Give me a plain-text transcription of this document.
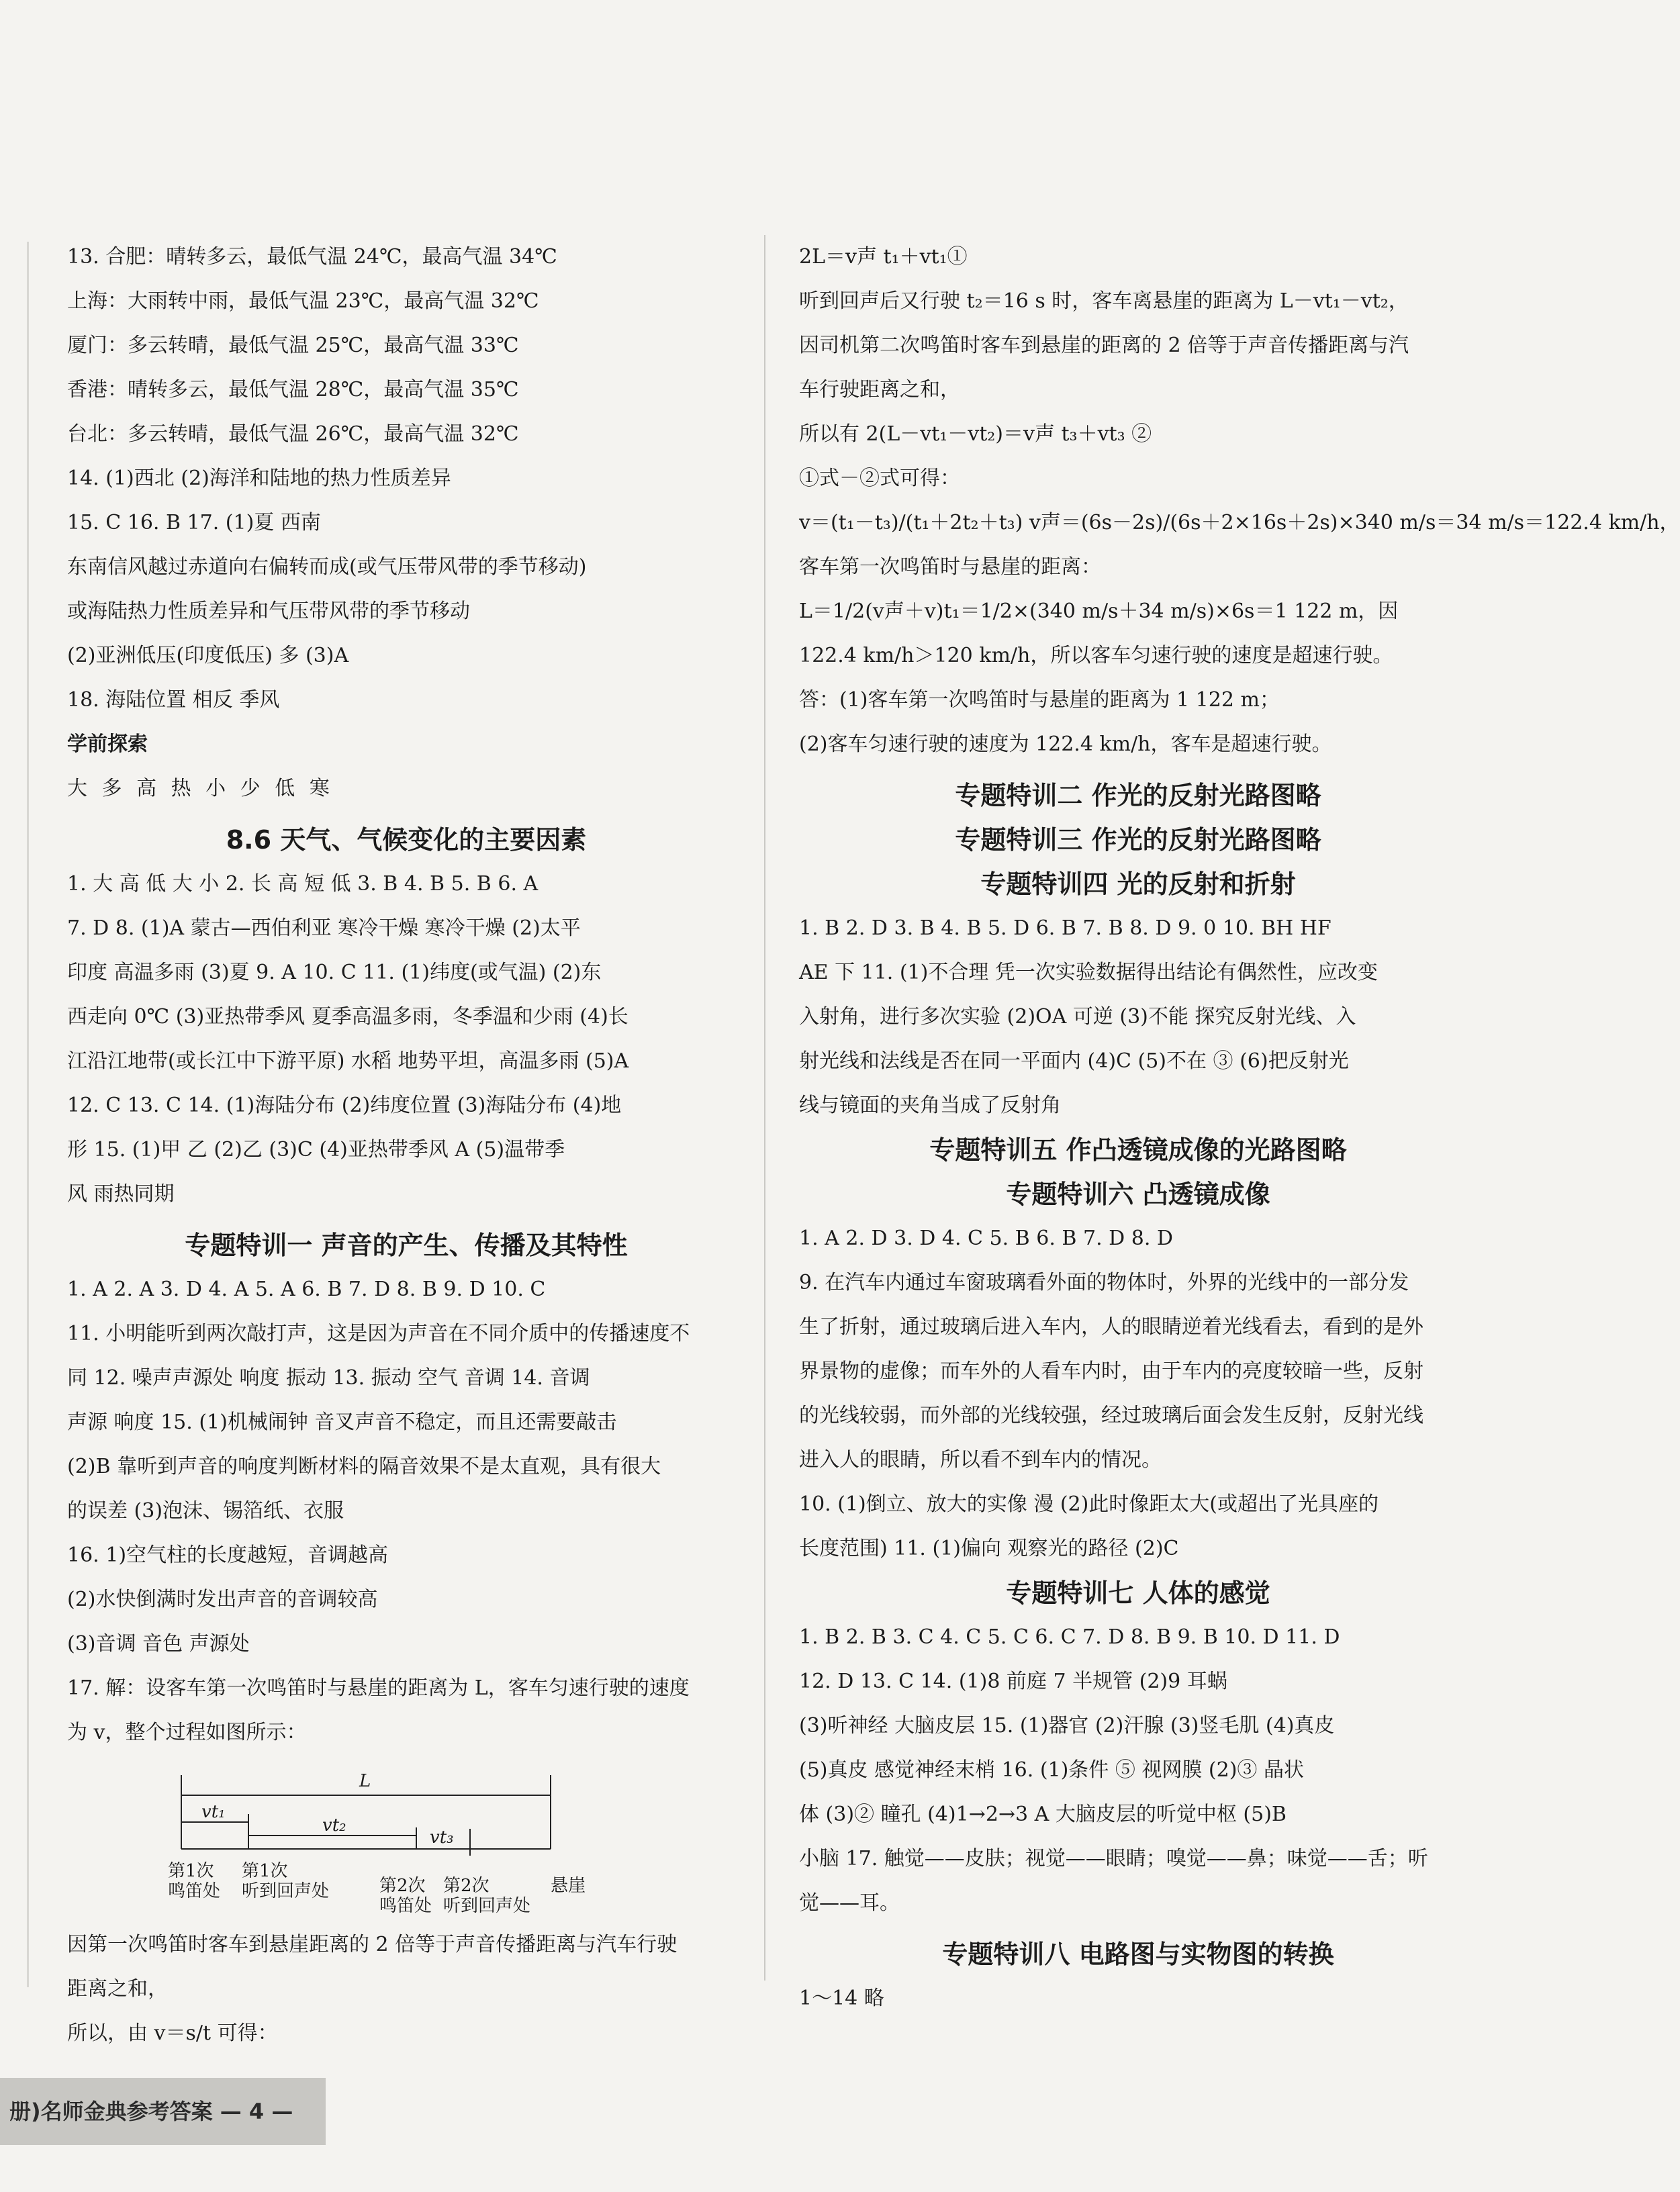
13. 合肥：晴转多云，最低气温 24℃，最高气温 34℃
上海：大雨转中雨，最低气温 23℃，最高气温 32℃
厦门：多云转晴，最低气温 25℃，最高气温 33℃
香港：晴转多云，最低气温 28℃，最高气温 35℃
台北：多云转晴，最低气温 26℃，最高气温 32℃
14. (1)西北 (2)海洋和陆地的热力性质差异
15. C 16. B 17. (1)夏 西南
东南信风越过赤道向右偏转而成(或气压带风带的季节移动)
或海陆热力性质差异和气压带风带的季节移动
(2)亚洲低压(印度低压) 多 (3)A
18. 海陆位置 相反 季风
学前探索
大 多 高 热 小 少 低 寒
8.6 天气、气候变化的主要因素
1. 大 高 低 大 小 2. 长 高 短 低 3. B 4. B 5. B 6. A
7. D 8. (1)A 蒙古—西伯利亚 寒冷干燥 寒冷干燥 (2)太平
印度 高温多雨 (3)夏 9. A 10. C 11. (1)纬度(或气温) (2)东
西走向 0℃ (3)亚热带季风 夏季高温多雨，冬季温和少雨 (4)长
江沿江地带(或长江中下游平原) 水稻 地势平坦，高温多雨 (5)A
12. C 13. C 14. (1)海陆分布 (2)纬度位置 (3)海陆分布 (4)地
形 15. (1)甲 乙 (2)乙 (3)C (4)亚热带季风 A (5)温带季
风 雨热同期
专题特训一 声音的产生、传播及其特性
1. A 2. A 3. D 4. A 5. A 6. B 7. D 8. B 9. D 10. C
11. 小明能听到两次敲打声，这是因为声音在不同介质中的传播速度不
同 12. 噪声声源处 响度 振动 13. 振动 空气 音调 14. 音调
声源 响度 15. (1)机械闹钟 音叉声音不稳定，而且还需要敲击
(2)B 靠听到声音的响度判断材料的隔音效果不是太直观，具有很大
的误差 (3)泡沫、锡箔纸、衣服
16. 1)空气柱的长度越短，音调越高
(2)水快倒满时发出声音的音调较高
(3)音调 音色 声源处
17. 解：设客车第一次鸣笛时与悬崖的距离为 L，客车匀速行驶的速度
为 v，整个过程如图所示：
L
vt₁
vt₂
vt₃
第1次
鸣笛处
第1次
听到回声处	第2次
鸣笛处
第2次
听到回声处
悬崖
因第一次鸣笛时客车到悬崖距离的 2 倍等于声音传播距离与汽车行驶
距离之和，
所以，由 v＝s/t 可得：
2L＝v声 t₁＋vt₁①
听到回声后又行驶 t₂＝16 s 时，客车离悬崖的距离为 L－vt₁－vt₂，
因司机第二次鸣笛时客车到悬崖的距离的 2 倍等于声音传播距离与汽
车行驶距离之和，
所以有 2(L－vt₁－vt₂)＝v声 t₃＋vt₃ ②
①式－②式可得：
v＝(t₁－t₃)/(t₁＋2t₂＋t₃) v声＝(6s－2s)/(6s＋2×16s＋2s)×340 m/s＝34 m/s＝122.4 km/h，
客车第一次鸣笛时与悬崖的距离：
L＝1/2(v声＋v)t₁＝1/2×(340 m/s＋34 m/s)×6s＝1 122 m，因
122.4 km/h＞120 km/h，所以客车匀速行驶的速度是超速行驶。
答：(1)客车第一次鸣笛时与悬崖的距离为 1 122 m；
(2)客车匀速行驶的速度为 122.4 km/h，客车是超速行驶。
专题特训二 作光的反射光路图略
专题特训三 作光的反射光路图略
专题特训四 光的反射和折射
1. B 2. D 3. B 4. B 5. D 6. B 7. B 8. D 9. 0 10. BH HF
AE 下 11. (1)不合理 凭一次实验数据得出结论有偶然性，应改变
入射角，进行多次实验 (2)OA 可逆 (3)不能 探究反射光线、入
射光线和法线是否在同一平面内 (4)C (5)不在 ③ (6)把反射光
线与镜面的夹角当成了反射角
专题特训五 作凸透镜成像的光路图略
专题特训六 凸透镜成像
1. A 2. D 3. D 4. C 5. B 6. B 7. D 8. D
9. 在汽车内通过车窗玻璃看外面的物体时，外界的光线中的一部分发
生了折射，通过玻璃后进入车内，人的眼睛逆着光线看去，看到的是外
界景物的虚像；而车外的人看车内时，由于车内的亮度较暗一些，反射
的光线较弱，而外部的光线较强，经过玻璃后面会发生反射，反射光线
进入人的眼睛，所以看不到车内的情况。
10. (1)倒立、放大的实像 漫 (2)此时像距太大(或超出了光具座的
长度范围) 11. (1)偏向 观察光的路径 (2)C
专题特训七 人体的感觉
1. B 2. B 3. C 4. C 5. C 6. C 7. D 8. B 9. B 10. D 11. D
12. D 13. C 14. (1)8 前庭 7 半规管 (2)9 耳蜗
(3)听神经 大脑皮层 15. (1)器官 (2)汗腺 (3)竖毛肌 (4)真皮
(5)真皮 感觉神经末梢 16. (1)条件 ⑤ 视网膜 (2)③ 晶状
体 (3)② 瞳孔 (4)1→2→3 A 大脑皮层的听觉中枢 (5)B
小脑 17. 触觉——皮肤；视觉——眼睛；嗅觉——鼻；味觉——舌；听
觉——耳。
专题特训八 电路图与实物图的转换
1～14 略
册)名师金典参考答案 — 4 —
